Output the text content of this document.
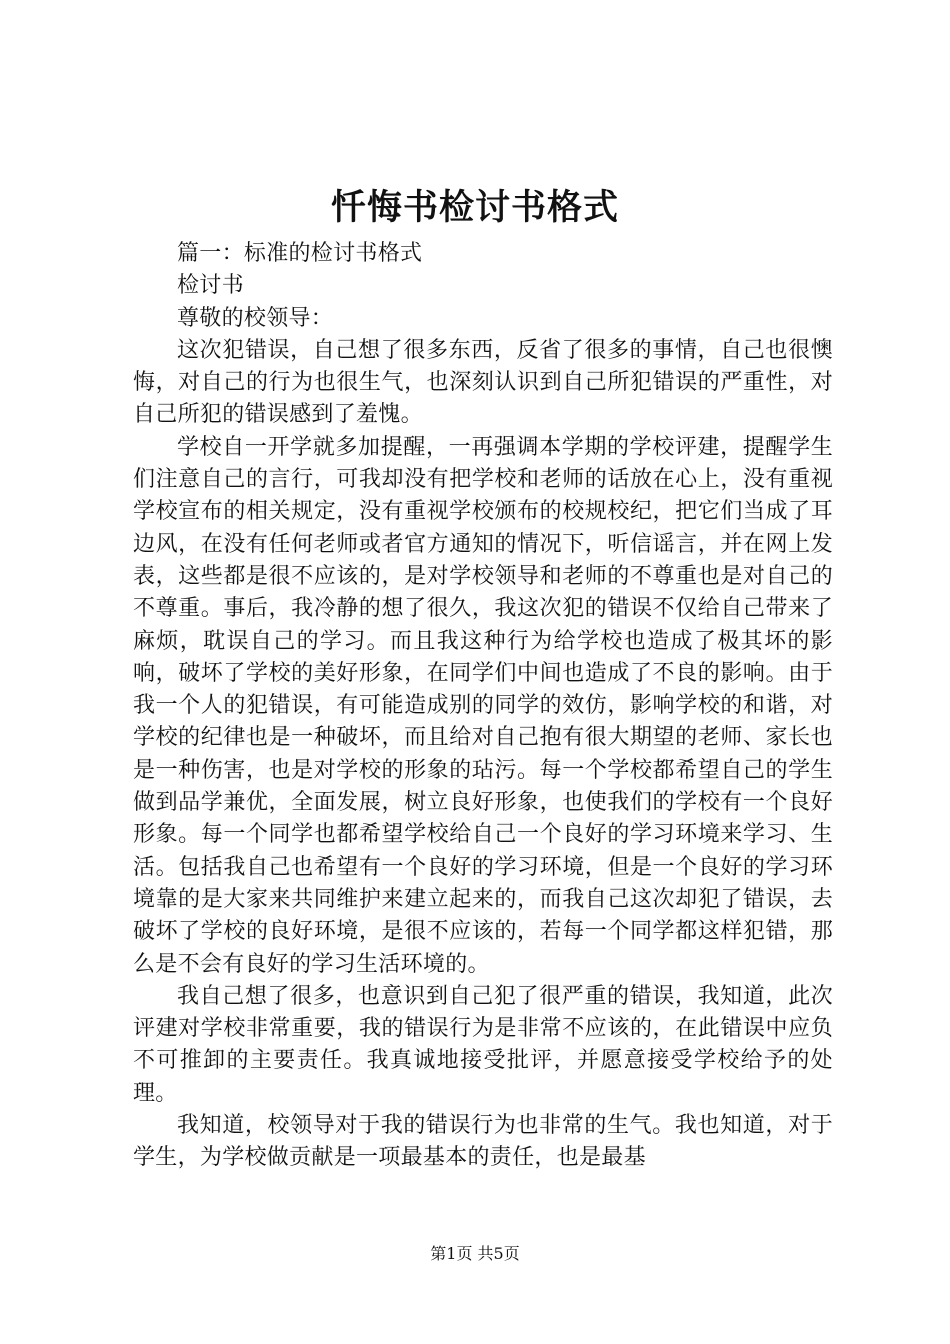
忏悔书检讨书格式

篇一：标准的检讨书格式

检讨书

尊敬的校领导：

这次犯错误，自己想了很多东西，反省了很多的事情，自己也很懊悔，对自己的行为也很生气，也深刻认识到自己所犯错误的严重性，对自己所犯的错误感到了羞愧。

学校自一开学就多加提醒，一再强调本学期的学校评建，提醒学生们注意自己的言行，可我却没有把学校和老师的话放在心上，没有重视学校宣布的相关规定，没有重视学校颁布的校规校纪，把它们当成了耳边风，在没有任何老师或者官方通知的情况下，听信谣言，并在网上发表，这些都是很不应该的，是对学校领导和老师的不尊重也是对自己的不尊重。事后，我冷静的想了很久，我这次犯的错误不仅给自己带来了麻烦，耽误自己的学习。而且我这种行为给学校也造成了极其坏的影响，破坏了学校的美好形象，在同学们中间也造成了不良的影响。由于我一个人的犯错误，有可能造成别的同学的效仿，影响学校的和谐，对学校的纪律也是一种破坏，而且给对自己抱有很大期望的老师、家长也是一种伤害，也是对学校的形象的玷污。每一个学校都希望自己的学生做到品学兼优，全面发展，树立良好形象，也使我们的学校有一个良好形象。每一个同学也都希望学校给自己一个良好的学习环境来学习、生活。包括我自己也希望有一个良好的学习环境，但是一个良好的学习环境靠的是大家来共同维护来建立起来的，而我自己这次却犯了错误，去破坏了学校的良好环境，是很不应该的，若每一个同学都这样犯错，那么是不会有良好的学习生活环境的。

我自己想了很多，也意识到自己犯了很严重的错误，我知道，此次评建对学校非常重要，我的错误行为是非常不应该的，在此错误中应负不可推卸的主要责任。我真诚地接受批评，并愿意接受学校给予的处理。

我知道，校领导对于我的错误行为也非常的生气。我也知道，对于学生，为学校做贡献是一项最基本的责任，也是最基

第1页 共5页
